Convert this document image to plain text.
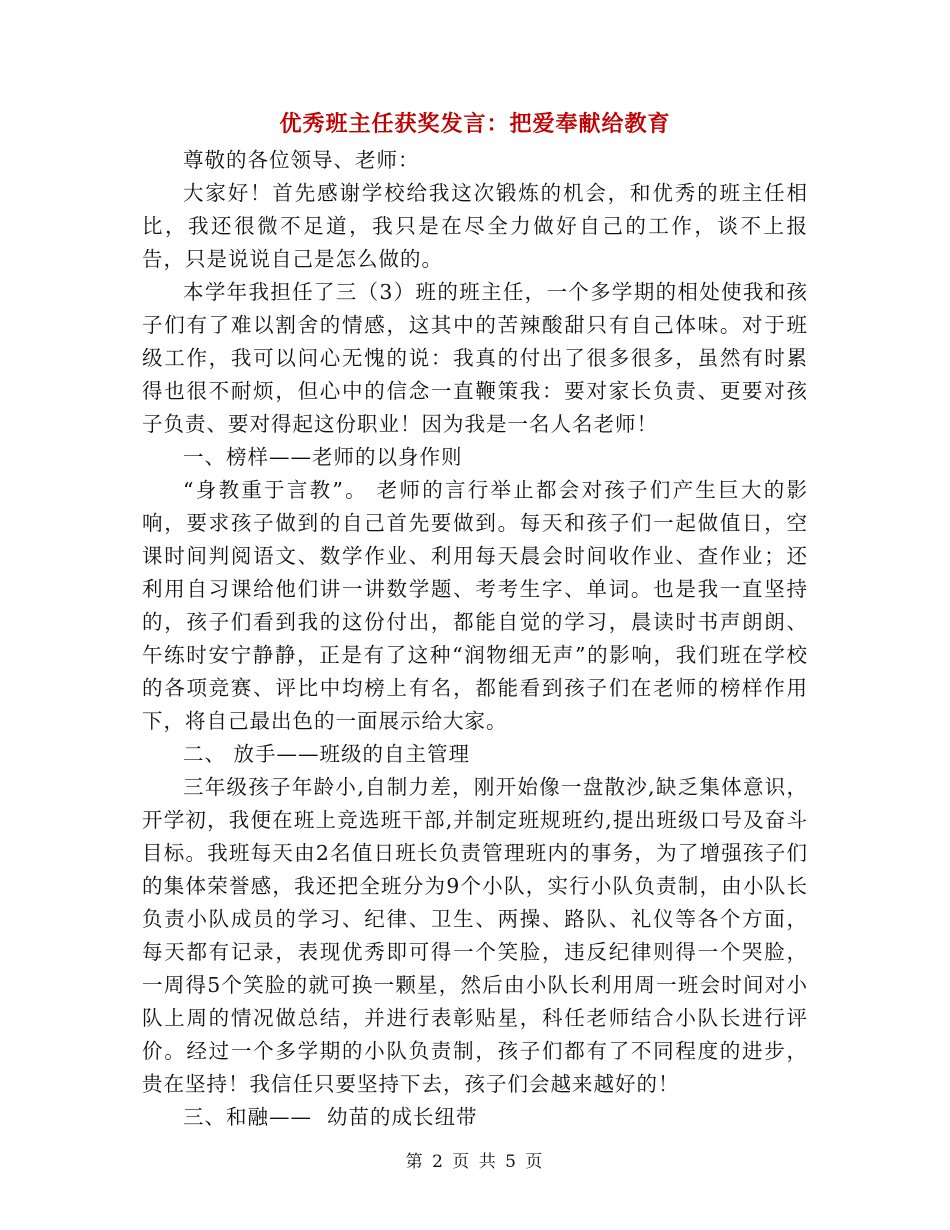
优秀班主任获奖发言：把爱奉献给教育

尊敬的各位领导、老师：

大家好！首先感谢学校给我这次锻炼的机会，和优秀的班主任相比，我还很微不足道，我只是在尽全力做好自己的工作，谈不上报告，只是说说自己是怎么做的。

本学年我担任了三（3）班的班主任，一个多学期的相处使我和孩子们有了难以割舍的情感，这其中的苦辣酸甜只有自己体味。对于班级工作，我可以问心无愧的说：我真的付出了很多很多，虽然有时累得也很不耐烦，但心中的信念一直鞭策我：要对家长负责、更要对孩子负责、要对得起这份职业！因为我是一名人名老师！

一、榜样——老师的以身作则

“身教重于言教”。 老师的言行举止都会对孩子们产生巨大的影响，要求孩子做到的自己首先要做到。每天和孩子们一起做值日，空课时间判阅语文、数学作业、利用每天晨会时间收作业、查作业；还利用自习课给他们讲一讲数学题、考考生字、单词。也是我一直坚持的，孩子们看到我的这份付出，都能自觉的学习，晨读时书声朗朗、午练时安宁静静，正是有了这种“润物细无声”的影响，我们班在学校的各项竞赛、评比中均榜上有名，都能看到孩子们在老师的榜样作用下，将自己最出色的一面展示给大家。

二、 放手——班级的自主管理

三年级孩子年龄小,自制力差，刚开始像一盘散沙,缺乏集体意识，开学初，我便在班上竞选班干部,并制定班规班约,提出班级口号及奋斗目标。我班每天由2名值日班长负责管理班内的事务，为了增强孩子们的集体荣誉感，我还把全班分为9个小队，实行小队负责制，由小队长负责小队成员的学习、纪律、卫生、两操、路队、礼仪等各个方面，每天都有记录，表现优秀即可得一个笑脸，违反纪律则得一个哭脸，一周得5个笑脸的就可换一颗星，然后由小队长利用周一班会时间对小队上周的情况做总结，并进行表彰贴星，科任老师结合小队长进行评价。经过一个多学期的小队负责制，孩子们都有了不同程度的进步，贵在坚持！我信任只要坚持下去，孩子们会越来越好的！

三、和融——  幼苗的成长纽带

第 2 页 共 5 页
